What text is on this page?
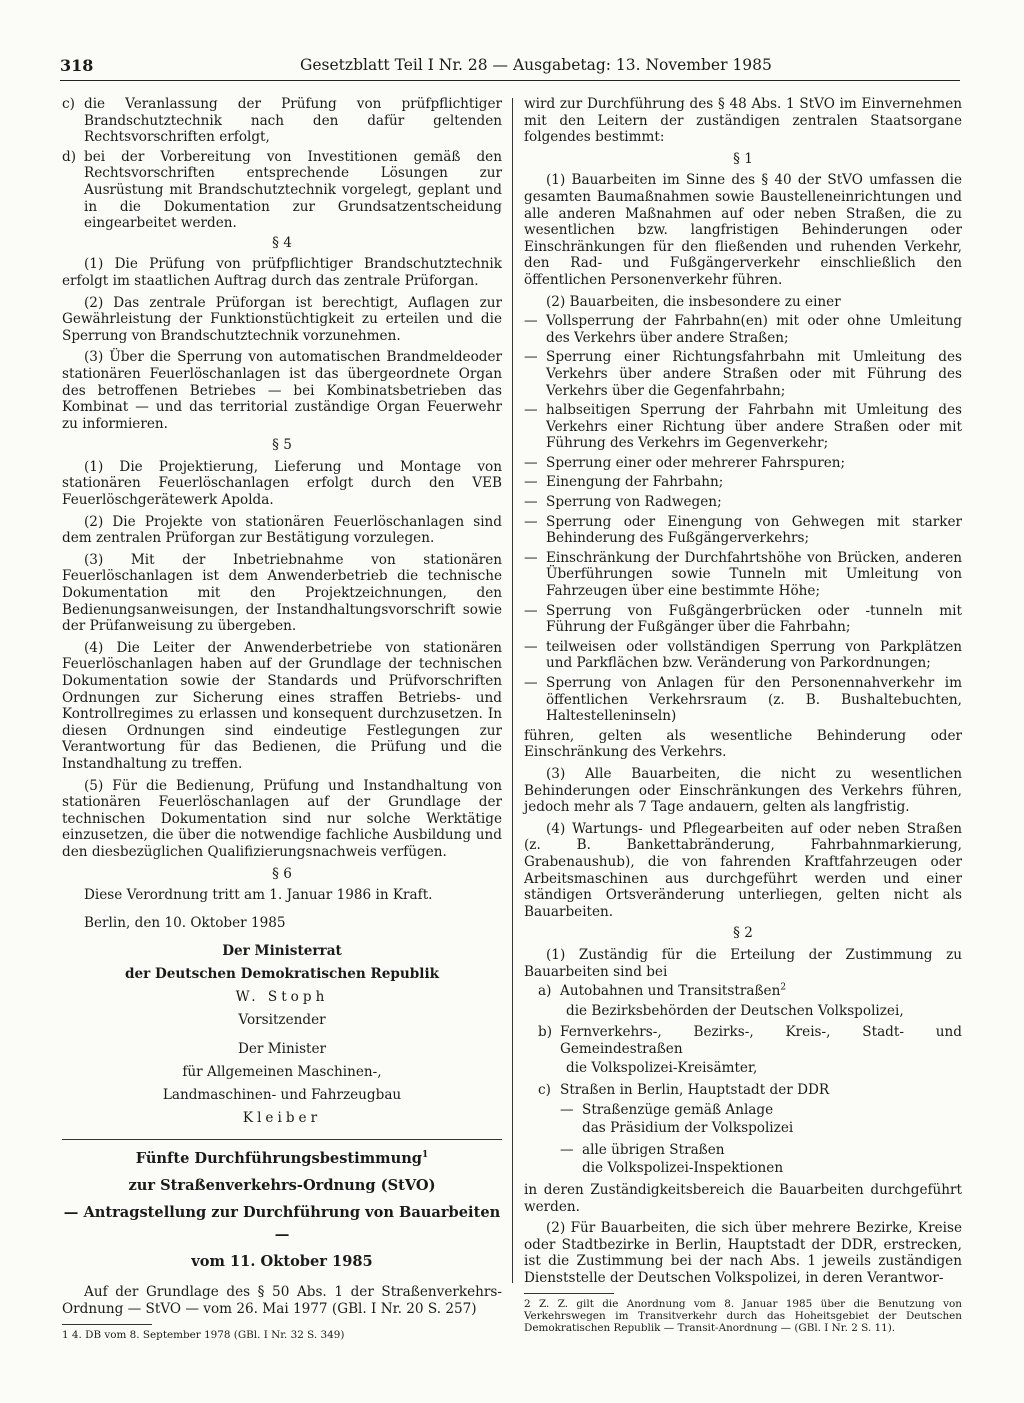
318	Gesetzblatt Teil I Nr. 28 — Ausgabetag: 13. November 1985
c) die Veranlassung der Prüfung von prüfpflichtiger Brandschutztechnik nach den dafür geltenden Rechtsvorschriften erfolgt,
d) bei der Vorbereitung von Investitionen gemäß den Rechtsvorschriften entsprechende Lösungen zur Ausrüstung mit Brandschutztechnik vorgelegt, geplant und in die Dokumentation zur Grundsatzentscheidung eingearbeitet werden.

§ 4

(1) Die Prüfung von prüfpflichtiger Brandschutztechnik erfolgt im staatlichen Auftrag durch das zentrale Prüforgan.

(2) Das zentrale Prüforgan ist berechtigt, Auflagen zur Gewährleistung der Funktionstüchtigkeit zu erteilen und die Sperrung von Brandschutztechnik vorzunehmen.

(3) Über die Sperrung von automatischen Brandmeldeoder stationären Feuerlöschanlagen ist das übergeordnete Organ des betroffenen Betriebes — bei Kombinatsbetrieben das Kombinat — und das territorial zuständige Organ Feuerwehr zu informieren.

§ 5

(1) Die Projektierung, Lieferung und Montage von stationären Feuerlöschanlagen erfolgt durch den VEB Feuerlöschgerätewerk Apolda.

(2) Die Projekte von stationären Feuerlöschanlagen sind dem zentralen Prüforgan zur Bestätigung vorzulegen.

(3) Mit der Inbetriebnahme von stationären Feuerlöschanlagen ist dem Anwenderbetrieb die technische Dokumentation mit den Projektzeichnungen, den Bedienungsanweisungen, der Instandhaltungsvorschrift sowie der Prüfanweisung zu übergeben.

(4) Die Leiter der Anwenderbetriebe von stationären Feuerlöschanlagen haben auf der Grundlage der technischen Dokumentation sowie der Standards und Prüfvorschriften Ordnungen zur Sicherung eines straffen Betriebs- und Kontrollregimes zu erlassen und konsequent durchzusetzen. In diesen Ordnungen sind eindeutige Festlegungen zur Verantwortung für das Bedienen, die Prüfung und die Instandhaltung zu treffen.

(5) Für die Bedienung, Prüfung und Instandhaltung von stationären Feuerlöschanlagen auf der Grundlage der technischen Dokumentation sind nur solche Werktätige einzusetzen, die über die notwendige fachliche Ausbildung und den diesbezüglichen Qualifizierungsnachweis verfügen.

§ 6

Diese Verordnung tritt am 1. Januar 1986 in Kraft.

Berlin, den 10. Oktober 1985

Der Ministerrat

der Deutschen Demokratischen Republik

W. Stoph

Vorsitzender

Der Minister

für Allgemeinen Maschinen-,

Landmaschinen- und Fahrzeugbau

Kleiber

Fünfte Durchführungsbestimmung$^1$

zur Straßenverkehrs-Ordnung (StVO)

— Antragstellung zur Durchführung von Bauarbeiten —

vom 11. Oktober 1985

Auf der Grundlage des § 50 Abs. 1 der Straßenverkehrs-Ordnung — StVO — vom 26. Mai 1977 (GBl. I Nr. 20 S. 257)

1 4. DB vom 8. September 1978 (GBl. I Nr. 32 S. 349)

wird zur Durchführung des § 48 Abs. 1 StVO im Einvernehmen mit den Leitern der zuständigen zentralen Staatsorgane folgendes bestimmt:

§ 1

(1) Bauarbeiten im Sinne des § 40 der StVO umfassen die gesamten Baumaßnahmen sowie Baustelleneinrichtungen und alle anderen Maßnahmen auf oder neben Straßen, die zu wesentlichen bzw. langfristigen Behinderungen oder Einschränkungen für den fließenden und ruhenden Verkehr, den Rad- und Fußgängerverkehr einschließlich den öffentlichen Personenverkehr führen.

(2) Bauarbeiten, die insbesondere zu einer

— Vollsperrung der Fahrbahn(en) mit oder ohne Umleitung des Verkehrs über andere Straßen;
— Sperrung einer Richtungsfahrbahn mit Umleitung des Verkehrs über andere Straßen oder mit Führung des Verkehrs über die Gegenfahrbahn;
— halbseitigen Sperrung der Fahrbahn mit Umleitung des Verkehrs einer Richtung über andere Straßen oder mit Führung des Verkehrs im Gegenverkehr;
— Sperrung einer oder mehrerer Fahrspuren;
— Einengung der Fahrbahn;
— Sperrung von Radwegen;
— Sperrung oder Einengung von Gehwegen mit starker Behinderung des Fußgängerverkehrs;
— Einschränkung der Durchfahrtshöhe von Brücken, anderen Überführungen sowie Tunneln mit Umleitung von Fahrzeugen über eine bestimmte Höhe;
— Sperrung von Fußgängerbrücken oder -tunneln mit Führung der Fußgänger über die Fahrbahn;
— teilweisen oder vollständigen Sperrung von Parkplätzen und Parkflächen bzw. Veränderung von Parkordnungen;
— Sperrung von Anlagen für den Personennahverkehr im öffentlichen Verkehrsraum (z. B. Bushaltebuchten, Haltestelleninseln)

führen, gelten als wesentliche Behinderung oder Einschränkung des Verkehrs.

(3) Alle Bauarbeiten, die nicht zu wesentlichen Behinderungen oder Einschränkungen des Verkehrs führen, jedoch mehr als 7 Tage andauern, gelten als langfristig.

(4) Wartungs- und Pflegearbeiten auf oder neben Straßen (z. B. Bankettabränderung, Fahrbahnmarkierung, Grabenaushub), die von fahrenden Kraftfahrzeugen oder Arbeitsmaschinen aus durchgeführt werden und einer ständigen Ortsveränderung unterliegen, gelten nicht als Bauarbeiten.

§ 2

(1) Zuständig für die Erteilung der Zustimmung zu Bauarbeiten sind bei

a) Autobahnen und Transitstraßen$^2$

die Bezirksbehörden der Deutschen Volkspolizei,

b) Fernverkehrs-, Bezirks-, Kreis-, Stadt- und Gemeindestraßen

die Volkspolizei-Kreisämter,

c) Straßen in Berlin, Hauptstadt der DDR
— Straßenzüge gemäß Anlage

das Präsidium der Volkspolizei

— alle übrigen Straßen

die Volkspolizei-Inspektionen

in deren Zuständigkeitsbereich die Bauarbeiten durchgeführt werden.

(2) Für Bauarbeiten, die sich über mehrere Bezirke, Kreise oder Stadtbezirke in Berlin, Hauptstadt der DDR, erstrecken, ist die Zustimmung bei der nach Abs. 1 jeweils zuständigen Dienststelle der Deutschen Volkspolizei, in deren Verantwor-

2 Z. Z. gilt die Anordnung vom 8. Januar 1985 über die Benutzung von Verkehrswegen im Transitverkehr durch das Hoheitsgebiet der Deutschen Demokratischen Republik — Transit-Anordnung — (GBl. I Nr. 2 S. 11).
